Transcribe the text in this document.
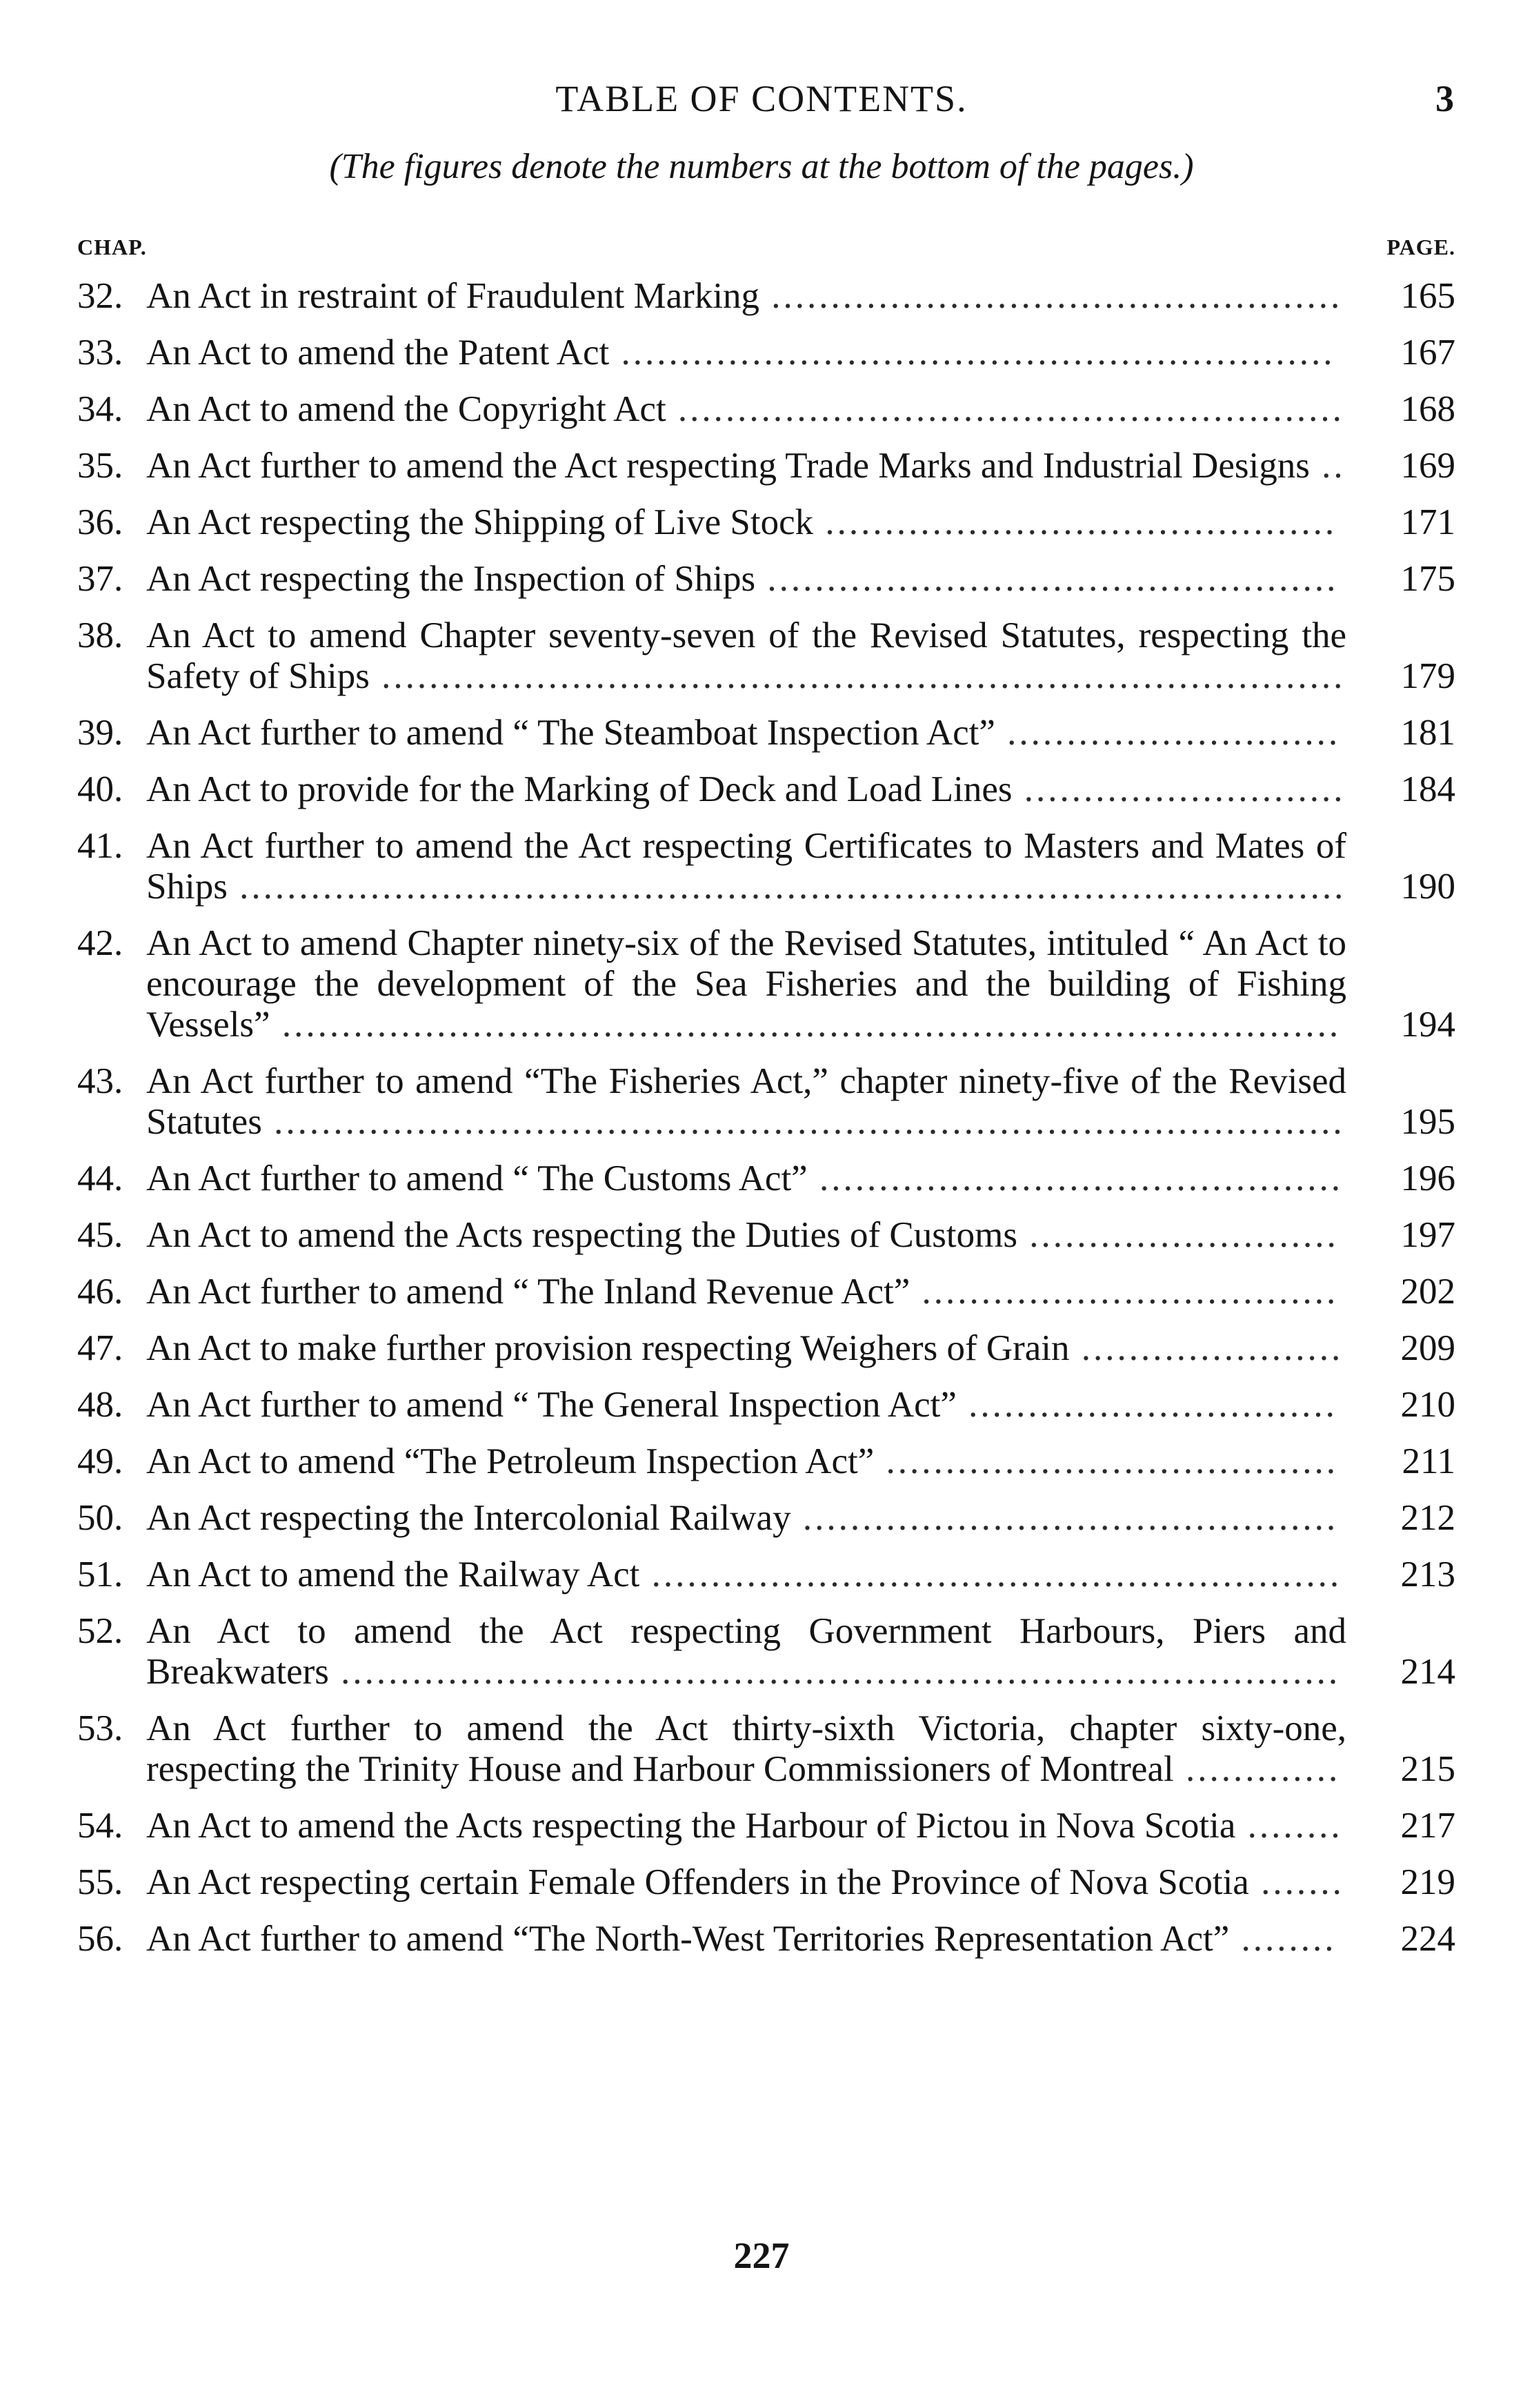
TABLE OF CONTENTS.	3
(The figures denote the numbers at the bottom of the pages.)
CHAP.	PAGE.
32. An Act in restraint of Fraudulent Marking ................................................	165
33. An Act to amend the Patent Act ............................................................	167
34. An Act to amend the Copyright Act ........................................................	168
35. An Act further to amend the Act respecting Trade Marks and Industrial Designs ..	169
36. An Act respecting the Shipping of Live Stock ...........................................	171
37. An Act respecting the Inspection of Ships ................................................	175
38. An Act to amend Chapter seventy-seven of the Revised Statutes, respecting the Safety of Ships .................................................................................	179
39. An Act further to amend “ The Steamboat Inspection Act” ............................	181
40. An Act to provide for the Marking of Deck and Load Lines ...........................	184
41. An Act further to amend the Act respecting Certificates to Masters and Mates of Ships .............................................................................................	190
42. An Act to amend Chapter ninety-six of the Revised Statutes, intituled “ An Act to encourage the development of the Sea Fisheries and the building of Fishing Vessels” .........................................................................................	194
43. An Act further to amend “The Fisheries Act,” chapter ninety-five of the Revised Statutes ..........................................................................................	195
44. An Act further to amend “ The Customs Act” ............................................	196
45. An Act to amend the Acts respecting the Duties of Customs ..........................	197
46. An Act further to amend “ The Inland Revenue Act” ...................................	202
47. An Act to make further provision respecting Weighers of Grain ......................	209
48. An Act further to amend “ The General Inspection Act” ...............................	210
49. An Act to amend “The Petroleum Inspection Act” ......................................	211
50. An Act respecting the Intercolonial Railway .............................................	212
51. An Act to amend the Railway Act ..........................................................	213
52. An Act to amend the Act respecting Government Harbours, Piers and Breakwaters ....................................................................................	214
53. An Act further to amend the Act thirty-sixth Victoria, chapter sixty-one, respecting the Trinity House and Harbour Commissioners of Montreal .............	215
54. An Act to amend the Acts respecting the Harbour of Pictou in Nova Scotia ........	217
55. An Act respecting certain Female Offenders in the Province of Nova Scotia .......	219
56. An Act further to amend “The North-West Territories Representation Act” ........	224
227
